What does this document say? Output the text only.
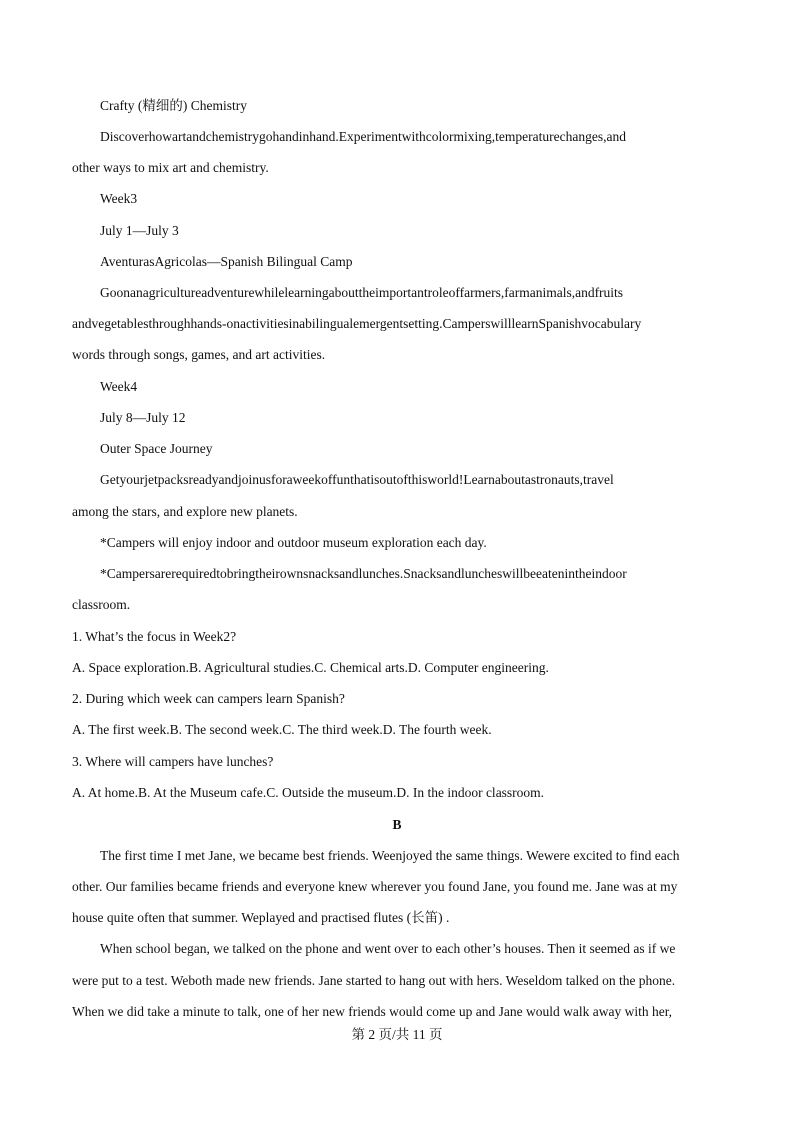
Crafty (精细的) Chemistry
Discoverhowartandchemistrygohandinhand.Experimentwithcolormixing,temperaturechanges,and
other ways to mix art and chemistry.
Week3
July 1—July 3
AventurasAgricolas—Spanish Bilingual Camp
Goonanagricultureadventurewhilelearningabouttheimportantroleoffarmers,farmanimals,andfruits
andvegetablesthroughhands-onactivitiesinabilingualemergentsetting.CamperswilllearnSpanishvocabulary
words through songs, games, and art activities.
Week4
July 8—July 12
Outer Space Journey
Getyourjetpacksreadyandjoinusforaweekoffunthatisoutofthisworld!Learnaboutastronauts,travel
among the stars, and explore new planets.
*Campers will enjoy indoor and outdoor museum exploration each day.
*Campersarerequiredtobringtheirownsnacksandlunches.Snacksandluncheswillbeeatenintheindoor
classroom.
1. What’s the focus in Week2?
A. Space exploration.B. Agricultural studies.C. Chemical arts.D. Computer engineering.
2. During which week can campers learn Spanish?
A. The first week.B. The second week.C. The third week.D. The fourth week.
3. Where will campers have lunches?
A. At home.B. At the Museum cafe.C. Outside the museum.D. In the indoor classroom.
B
The first time I met Jane, we became best friends. Weenjoyed the same things. Wewere excited to find each
other. Our families became friends and everyone knew wherever you found Jane, you found me. Jane was at my
house quite often that summer. Weplayed and practised flutes (长笛) .
When school began, we talked on the phone and went over to each other’s houses. Then it seemed as if we
were put to a test. Weboth made new friends. Jane started to hang out with hers. Weseldom talked on the phone.
When we did take a minute to talk, one of her new friends would come up and Jane would walk away with her,
第 2 页/共 11 页
